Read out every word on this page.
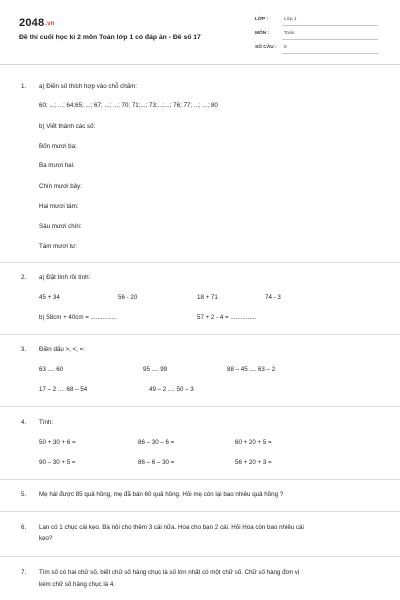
2048.vn
Đề thi cuối học kì 2 môn Toán lớp 1 có đáp án - Đề số 17
LỚP :	Lớp 1
MÔN :	Toán
SỐ CÂU : 8
1. a) Điền số thích hợp vào chỗ chấm:
60; ...; ...; 64;65; ...; 67; ...; ...; 70; 71;...; 73;...;...; 76; 77; ...; ...; 80
b) Viết thành các số:
Bốn mươi ba:
Ba mươi hai:
Chín mươi bảy:
Hai mươi tám:
Sáu mươi chín:
Tám mươi tư:
2. a) Đặt tính rồi tính:
45 + 34	56 - 20	18 + 71	74 - 3
b) 58cm + 40cm = ...............	57 + 2 - 4 = ...............
3. Điền dấu >, <, =:
63 .... 60	95 .... 99	88 – 45 .... 63 – 2
17 – 2 .... 68 – 54	49 – 2 .... 50 – 3
4. Tính:
50 + 30 + 6 =	86 – 30 – 6 =	60 + 20 + 5 =
90 – 30 + 5 =	86 – 6 – 30 =	56 + 20 + 3 =
5. Mẹ hái được 85 quả hồng, mẹ đã bán 60 quả hồng. Hỏi mẹ còn lại bao nhiêu quả hồng ?
6. Lan có 1 chục cái kẹo. Bà nội cho thêm 3 cái nữa. Hoa cho bạn 2 cái. Hỏi Hoa còn bao nhiêu cái
kẹo?
7. Tìm số có hai chữ số, biết chữ số hàng chục là số lớn nhất có một chữ số. Chữ số hàng đơn vị
kém chữ số hàng chục là 4.
